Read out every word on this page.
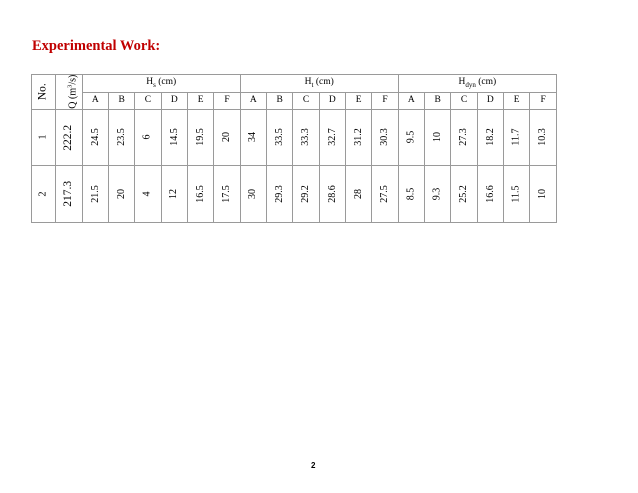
Experimental Work:
No.	Q $(m^3/s)$	$H_s$ (cm)						$H_t$ (cm)						$H_{dyn}$ (cm)					
		A	B	C	D	E	F	A	B	C	D	E	F	A	B	C	D	E	F
1	222.2	24.5	23.5	6	14.5	19.5	20	34	33.5	33.3	32.7	31.2	30.3	9.5	10	27.3	18.2	11.7	10.3
2	217.3	21.5	20	4	12	16.5	17.5	30	29.3	29.2	28.6	28	27.5	8.5	9.3	25.2	16.6	11.5	10
2
